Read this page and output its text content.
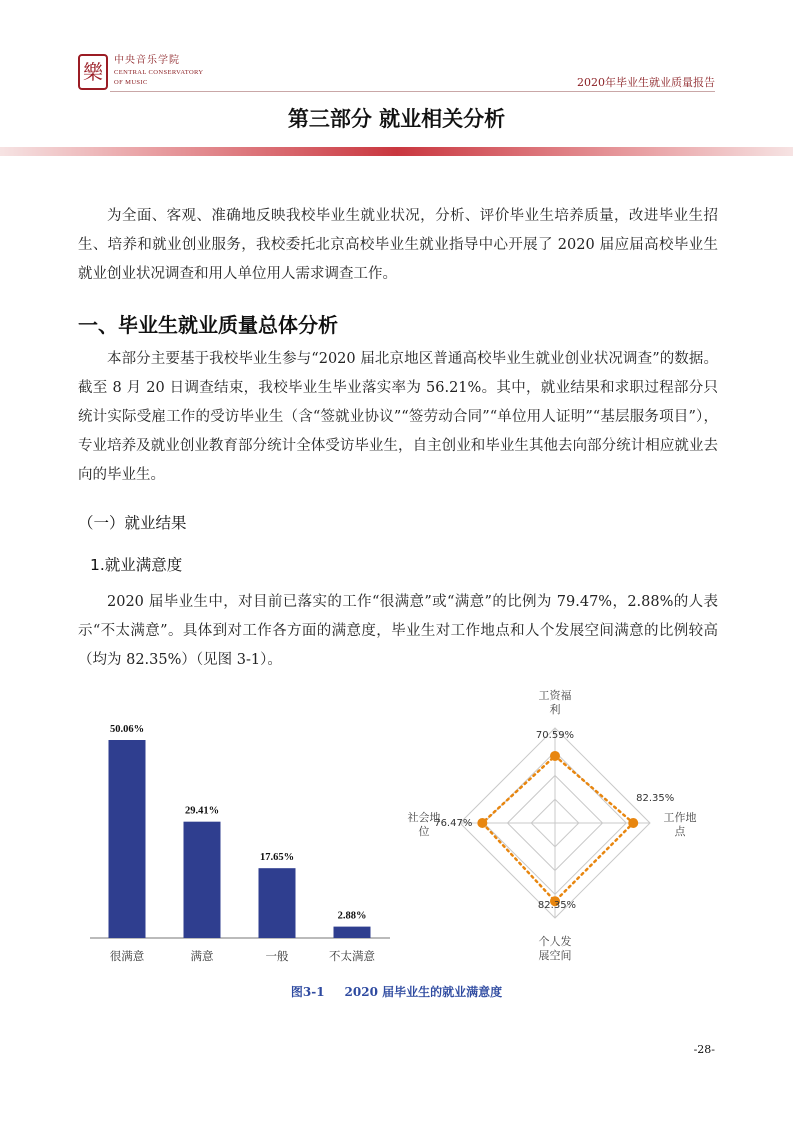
樂	中央音乐学院
CENTRAL CONSERVATORY
OF MUSIC	2020年毕业生就业质量报告
第三部分 就业相关分析

为全面、客观、准确地反映我校毕业生就业状况，分析、评价毕业生培养质量，改进毕业生招生、培养和就业创业服务，我校委托北京高校毕业生就业指导中心开展了 2020 届应届高校毕业生就业创业状况调查和用人单位用人需求调查工作。

一、毕业生就业质量总体分析

本部分主要基于我校毕业生参与“2020 届北京地区普通高校毕业生就业创业状况调查”的数据。截至 8 月 20 日调查结束，我校毕业生毕业落实率为 56.21%。其中，就业结果和求职过程部分只统计实际受雇工作的受访毕业生（含“签就业协议”“签劳动合同”“单位用人证明”“基层服务项目”），专业培养及就业创业教育部分统计全体受访毕业生，自主创业和毕业生其他去向部分统计相应就业去向的毕业生。

（一）就业结果
1.就业满意度

2020 届毕业生中，对目前已落实的工作“很满意”或“满意”的比例为 79.47%，2.88%的人表示“不太满意”。具体到对工作各方面的满意度，毕业生对工作地点和人个发展空间满意的比例较高（均为 82.35%）（见图 3-1）。

50.06%
很满意
29.41%
满意
17.65%
一般
2.88%
不太满意
70.59%
82.35%
82.35%
76.47%
工资福
利
工作地
点
个人发
展空间
社会地
位
图3-1 2020 届毕业生的就业满意度
-28-
